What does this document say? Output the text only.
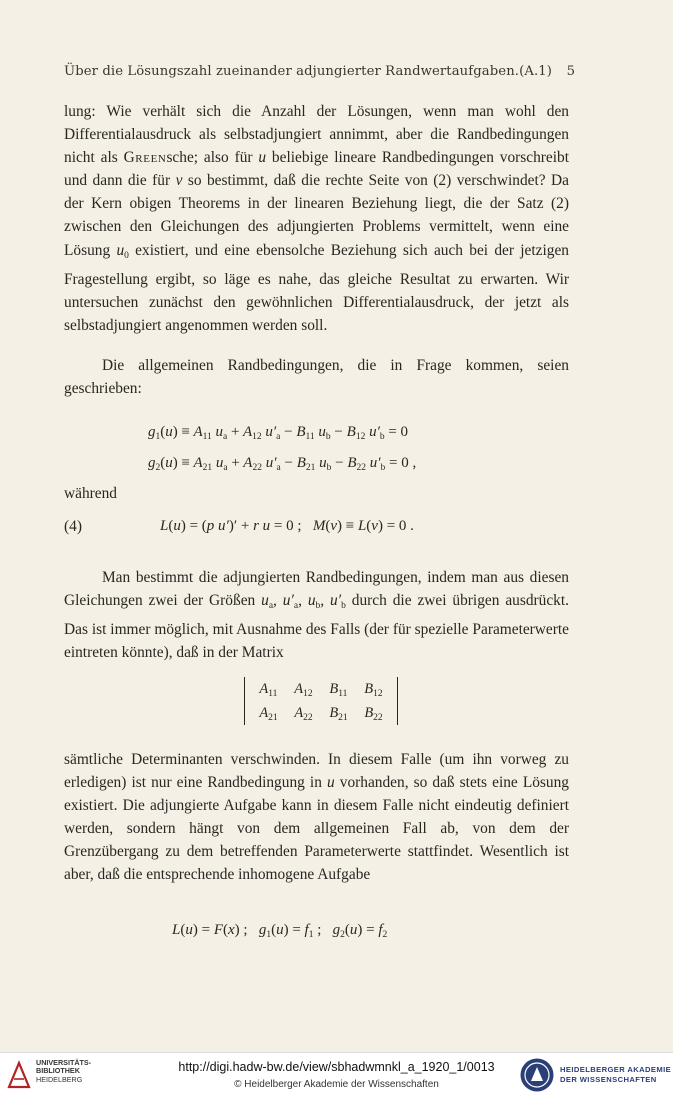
Über die Lösungszahl zueinander adjungierter Randwertaufgaben. (A.1) 5

lung: Wie verhält sich die Anzahl der Lösungen, wenn man wohl den Differentialausdruck als selbstadjungiert annimmt, aber die Randbedingungen nicht als Greensche; also für u beliebige lineare Randbedingungen vorschreibt und dann die für v so bestimmt, daß die rechte Seite von (2) verschwindet? Da der Kern obigen Theorems in der linearen Beziehung liegt, die der Satz (2) zwischen den Gleichungen des adjungierten Problems vermittelt, wenn eine Lösung $u_0$ existiert, und eine ebensolche Beziehung sich auch bei der jetzigen Fragestellung ergibt, so läge es nahe, das gleiche Resultat zu erwarten. Wir untersuchen zunächst den gewöhnlichen Differentialausdruck, der jetzt als selbstadjungiert angenommen werden soll.

Die allgemeinen Randbedingungen, die in Frage kommen, seien geschrieben:

$g_1(u) \equiv A_{11}$ $u_a + A_{12}$ $u'_a - B_{11}$ $u_b - B_{12}$ $u'_b = 0$
$g_2(u) \equiv A_{21}$ $u_a + A_{22}$ $u'_a - B_{21}$ $u_b - B_{22}$ $u'_b = 0$ ,
während
(4)	L(u) = (p u′)′ + r u = 0 ;   M(v) ≡ L(v) = 0 .

Man bestimmt die adjungierten Randbedingungen, indem man aus diesen Gleichungen zwei der Größen $u_a$, $u'_a$, $u_b$, $u'_b$ durch die zwei übrigen ausdrückt. Das ist immer möglich, mit Ausnahme des Falls (der für spezielle Parameterwerte eintreten könnte), daß in der Matrix

$A_{11}$ $A_{12}$ $B_{11}$ $B_{12}$
$A_{21}$ $A_{22}$ $B_{21}$ $B_{22}$

sämtliche Determinanten verschwinden. In diesem Falle (um ihn vorweg zu erledigen) ist nur eine Randbedingung in u vorhanden, so daß stets eine Lösung existiert. Die adjungierte Aufgabe kann in diesem Falle nicht eindeutig definiert werden, sondern hängt von dem allgemeinen Fall ab, von dem der Grenzübergang zu dem betreffenden Parameterwerte stattfindet. Wesentlich ist aber, daß die entsprechende inhomogene Aufgabe

L(u) = F(x) ;   $g_1(u) = f_1$ ;   $g_2(u) = f_2$
UNIVERSITÄTS-
BIBLIOTHEK
HEIDELBERG
http://digi.hadw-bw.de/view/sbhadwmnkl_a_1920_1/0013
© Heidelberger Akademie der Wissenschaften
HEIDELBERGER AKADEMIE
DER WISSENSCHAFTEN
